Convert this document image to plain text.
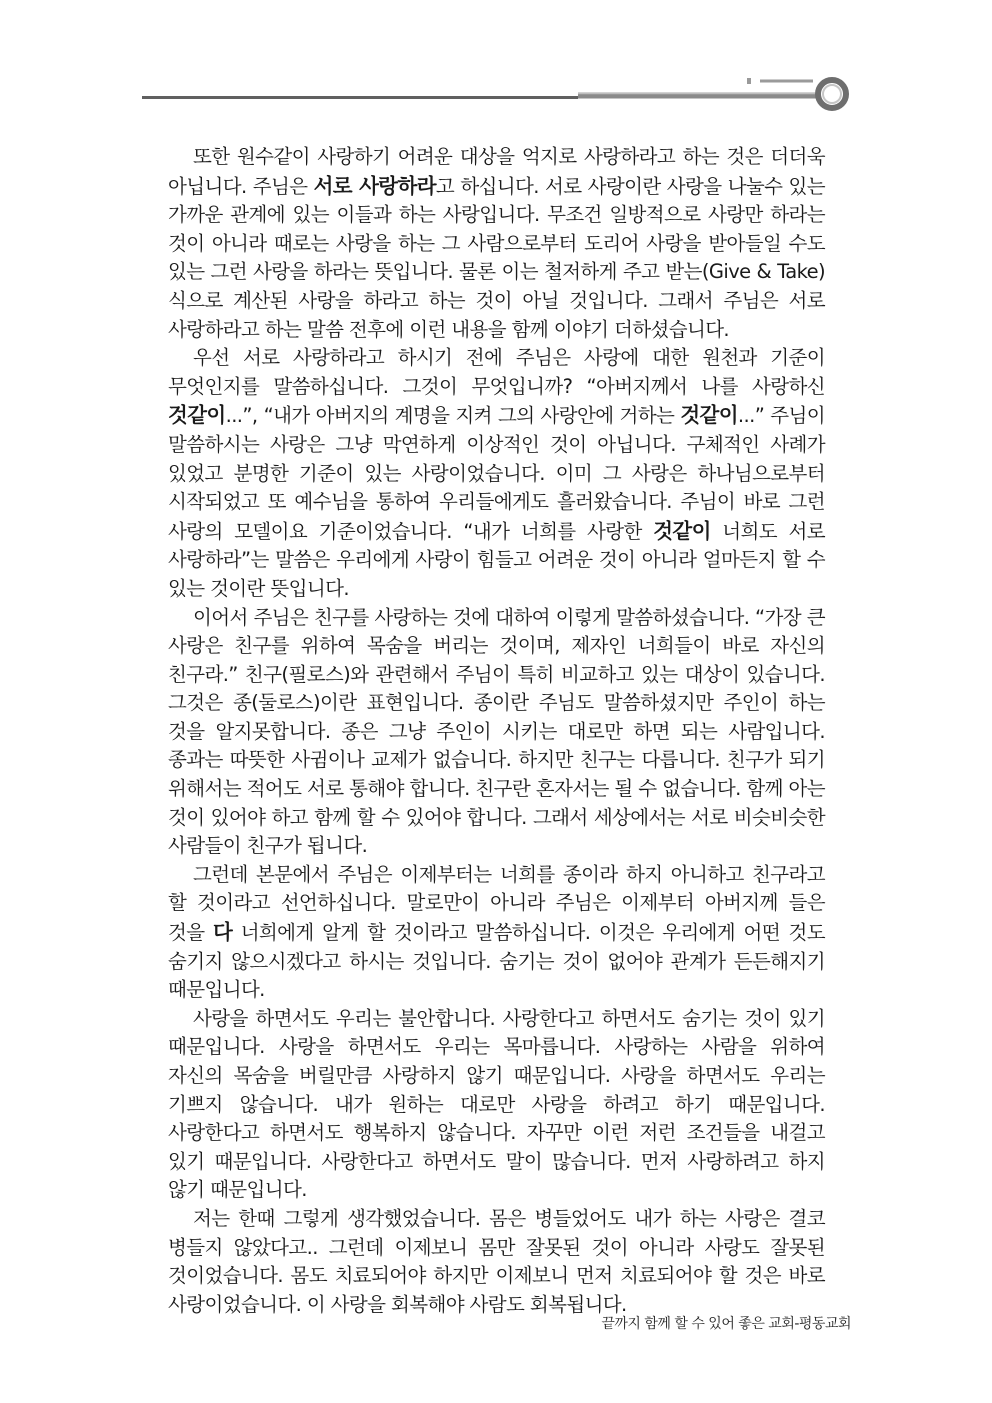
또한 원수같이 사랑하기 어려운 대상을 억지로 사랑하라고 하는 것은 더더욱 아닙니다. 주님은 서로 사랑하라고 하십니다. 서로 사랑이란 사랑을 나눌수 있는 가까운 관계에 있는 이들과 하는 사랑입니다. 무조건 일방적으로 사랑만 하라는 것이 아니라 때로는 사랑을 하는 그 사람으로부터 도리어 사랑을 받아들일 수도 있는 그런 사랑을 하라는 뜻입니다. 물론 이는 철저하게 주고 받는(Give & Take) 식으로 계산된 사랑을 하라고 하는 것이 아닐 것입니다. 그래서 주님은 서로 사랑하라고 하는 말씀 전후에 이런 내용을 함께 이야기 더하셨습니다.

우선 서로 사랑하라고 하시기 전에 주님은 사랑에 대한 원천과 기준이 무엇인지를 말씀하십니다. 그것이 무엇입니까? “아버지께서 나를 사랑하신 것같이...”, “내가 아버지의 계명을 지켜 그의 사랑안에 거하는 것같이...” 주님이 말씀하시는 사랑은 그냥 막연하게 이상적인 것이 아닙니다. 구체적인 사례가 있었고 분명한 기준이 있는 사랑이었습니다. 이미 그 사랑은 하나님으로부터 시작되었고 또 예수님을 통하여 우리들에게도 흘러왔습니다. 주님이 바로 그런 사랑의 모델이요 기준이었습니다. “내가 너희를 사랑한 것같이 너희도 서로 사랑하라”는 말씀은 우리에게 사랑이 힘들고 어려운 것이 아니라 얼마든지 할 수 있는 것이란 뜻입니다.

이어서 주님은 친구를 사랑하는 것에 대하여 이렇게 말씀하셨습니다. “가장 큰 사랑은 친구를 위하여 목숨을 버리는 것이며, 제자인 너희들이 바로 자신의 친구라.” 친구(필로스)와 관련해서 주님이 특히 비교하고 있는 대상이 있습니다. 그것은 종(둘로스)이란 표현입니다. 종이란 주님도 말씀하셨지만 주인이 하는 것을 알지못합니다. 종은 그냥 주인이 시키는 대로만 하면 되는 사람입니다. 종과는 따뜻한 사귐이나 교제가 없습니다. 하지만 친구는 다릅니다. 친구가 되기 위해서는 적어도 서로 통해야 합니다. 친구란 혼자서는 될 수 없습니다. 함께 아는 것이 있어야 하고 함께 할 수 있어야 합니다. 그래서 세상에서는 서로 비슷비슷한 사람들이 친구가 됩니다.

그런데 본문에서 주님은 이제부터는 너희를 종이라 하지 아니하고 친구라고 할 것이라고 선언하십니다. 말로만이 아니라 주님은 이제부터 아버지께 들은 것을 다 너희에게 알게 할 것이라고 말씀하십니다. 이것은 우리에게 어떤 것도 숨기지 않으시겠다고 하시는 것입니다. 숨기는 것이 없어야 관계가 든든해지기 때문입니다.

사랑을 하면서도 우리는 불안합니다. 사랑한다고 하면서도 숨기는 것이 있기 때문입니다. 사랑을 하면서도 우리는 목마릅니다. 사랑하는 사람을 위하여 자신의 목숨을 버릴만큼 사랑하지 않기 때문입니다. 사랑을 하면서도 우리는 기쁘지 않습니다. 내가 원하는 대로만 사랑을 하려고 하기 때문입니다. 사랑한다고 하면서도 행복하지 않습니다. 자꾸만 이런 저런 조건들을 내걸고 있기 때문입니다. 사랑한다고 하면서도 말이 많습니다. 먼저 사랑하려고 하지 않기 때문입니다.

저는 한때 그렇게 생각했었습니다. 몸은 병들었어도 내가 하는 사랑은 결코 병들지 않았다고.. 그런데 이제보니 몸만 잘못된 것이 아니라 사랑도 잘못된 것이었습니다. 몸도 치료되어야 하지만 이제보니 먼저 치료되어야 할 것은 바로 사랑이었습니다. 이 사랑을 회복해야 사람도 회복됩니다.

끝까지 함께 할 수 있어 좋은 교회-평동교회
